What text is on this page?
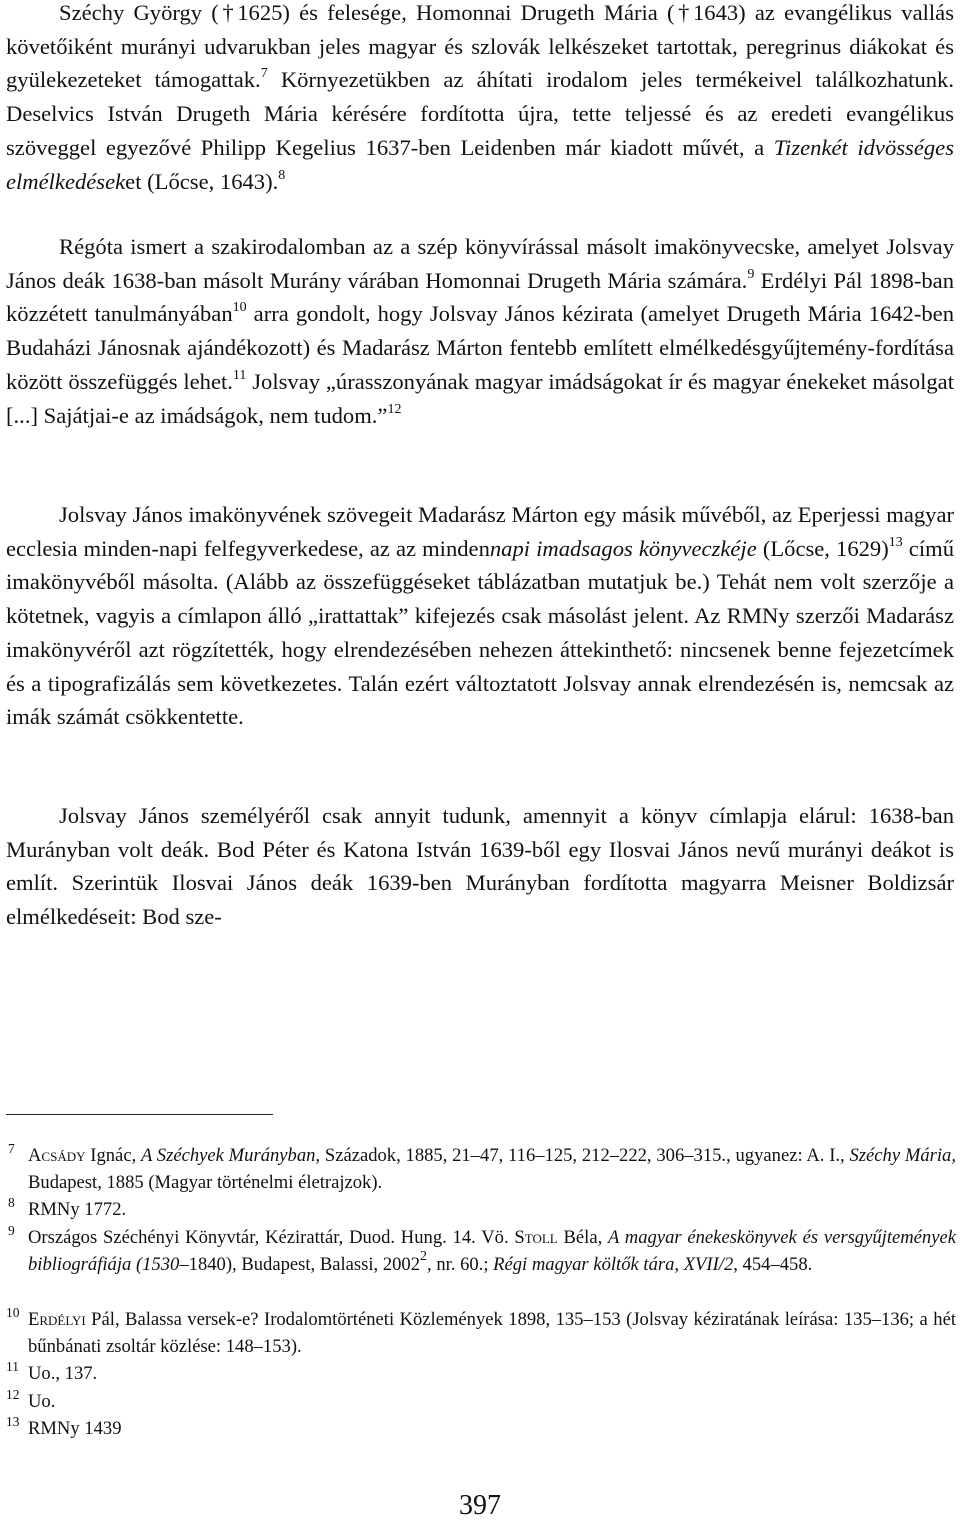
Széchy György (†1625) és felesége, Homonnai Drugeth Mária (†1643) az evangélikus vallás követőiként murányi udvarukban jeles magyar és szlovák lelkészeket tartottak, peregrinus diákokat és gyülekezeteket támogattak.$^7$ Környezetükben az áhítati irodalom jeles termékeivel találkozhatunk. Deselvics István Drugeth Mária kérésére fordította újra, tette teljessé és az eredeti evangélikus szöveggel egyezővé Philipp Kegelius 1637-ben Leidenben már kiadott művét, a Tizenkét idvösséges elmélkedéseket (Lőcse, 1643).$^8$

Régóta ismert a szakirodalomban az a szép könyvírással másolt imakönyvecske, amelyet Jolsvay János deák 1638-ban másolt Murány várában Homonnai Drugeth Mária számára.$^9$ Erdélyi Pál 1898-ban közzétett tanulmányában$^{10}$ arra gondolt, hogy Jolsvay János kézirata (amelyet Drugeth Mária 1642-ben Budaházi Jánosnak ajándékozott) és Madarász Márton fentebb említett elmélkedésgyűjtemény-fordítása között összefüggés lehet.$^{11}$ Jolsvay „úrasszonyának magyar imádságokat ír és magyar énekeket másolgat [...] Sajátjai-e az imádságok, nem tudom.”$^{12}$

Jolsvay János imakönyvének szövegeit Madarász Márton egy másik művéből, az Eperjessi magyar ecclesia minden-napi felfegyverkedese, az az mindennapi imadsagos könyveczkéje (Lőcse, 1629)$^{13}$ című imakönyvéből másolta. (Alább az összefüggéseket táblázatban mutatjuk be.) Tehát nem volt szerzője a kötetnek, vagyis a címlapon álló „irattattak” kifejezés csak másolást jelent. Az RMNy szerzői Madarász imakönyvéről azt rögzítették, hogy elrendezésében nehezen áttekinthető: nincsenek benne fejezetcímek és a tipografizálás sem következetes. Talán ezért változtatott Jolsvay annak elrendezésén is, nemcsak az imák számát csökkentette.

Jolsvay János személyéről csak annyit tudunk, amennyit a könyv címlapja elárul: 1638-ban Murányban volt deák. Bod Péter és Katona István 1639-ből egy Ilosvai János nevű murányi deákot is említ. Szerintük Ilosvai János deák 1639-ben Murányban fordította magyarra Meisner Boldizsár elmélkedéseit: Bod sze-

7 Acsády Ignác, A Széchyek Murányban, Századok, 1885, 21–47, 116–125, 212–222, 306–315., ugyanez: A. I., Széchy Mária, Budapest, 1885 (Magyar történelmi életrajzok).

8 RMNy 1772.

9 Országos Széchényi Könyvtár, Kézirattár, Duod. Hung. 14. Vö. Stoll Béla, A magyar énekeskönyvek és versgyűjtemények bibliográfiája (1530–1840), Budapest, Balassi, 2002$^2$, nr. 60.; Régi magyar költők tára, XVII/2, 454–458.

10 Erdélyi Pál, Balassa versek-e? Irodalomtörténeti Közlemények 1898, 135–153 (Jolsvay kéziratának leírása: 135–136; a hét bűnbánati zsoltár közlése: 148–153).

11 Uo., 137.

12 Uo.

13 RMNy 1439

397
